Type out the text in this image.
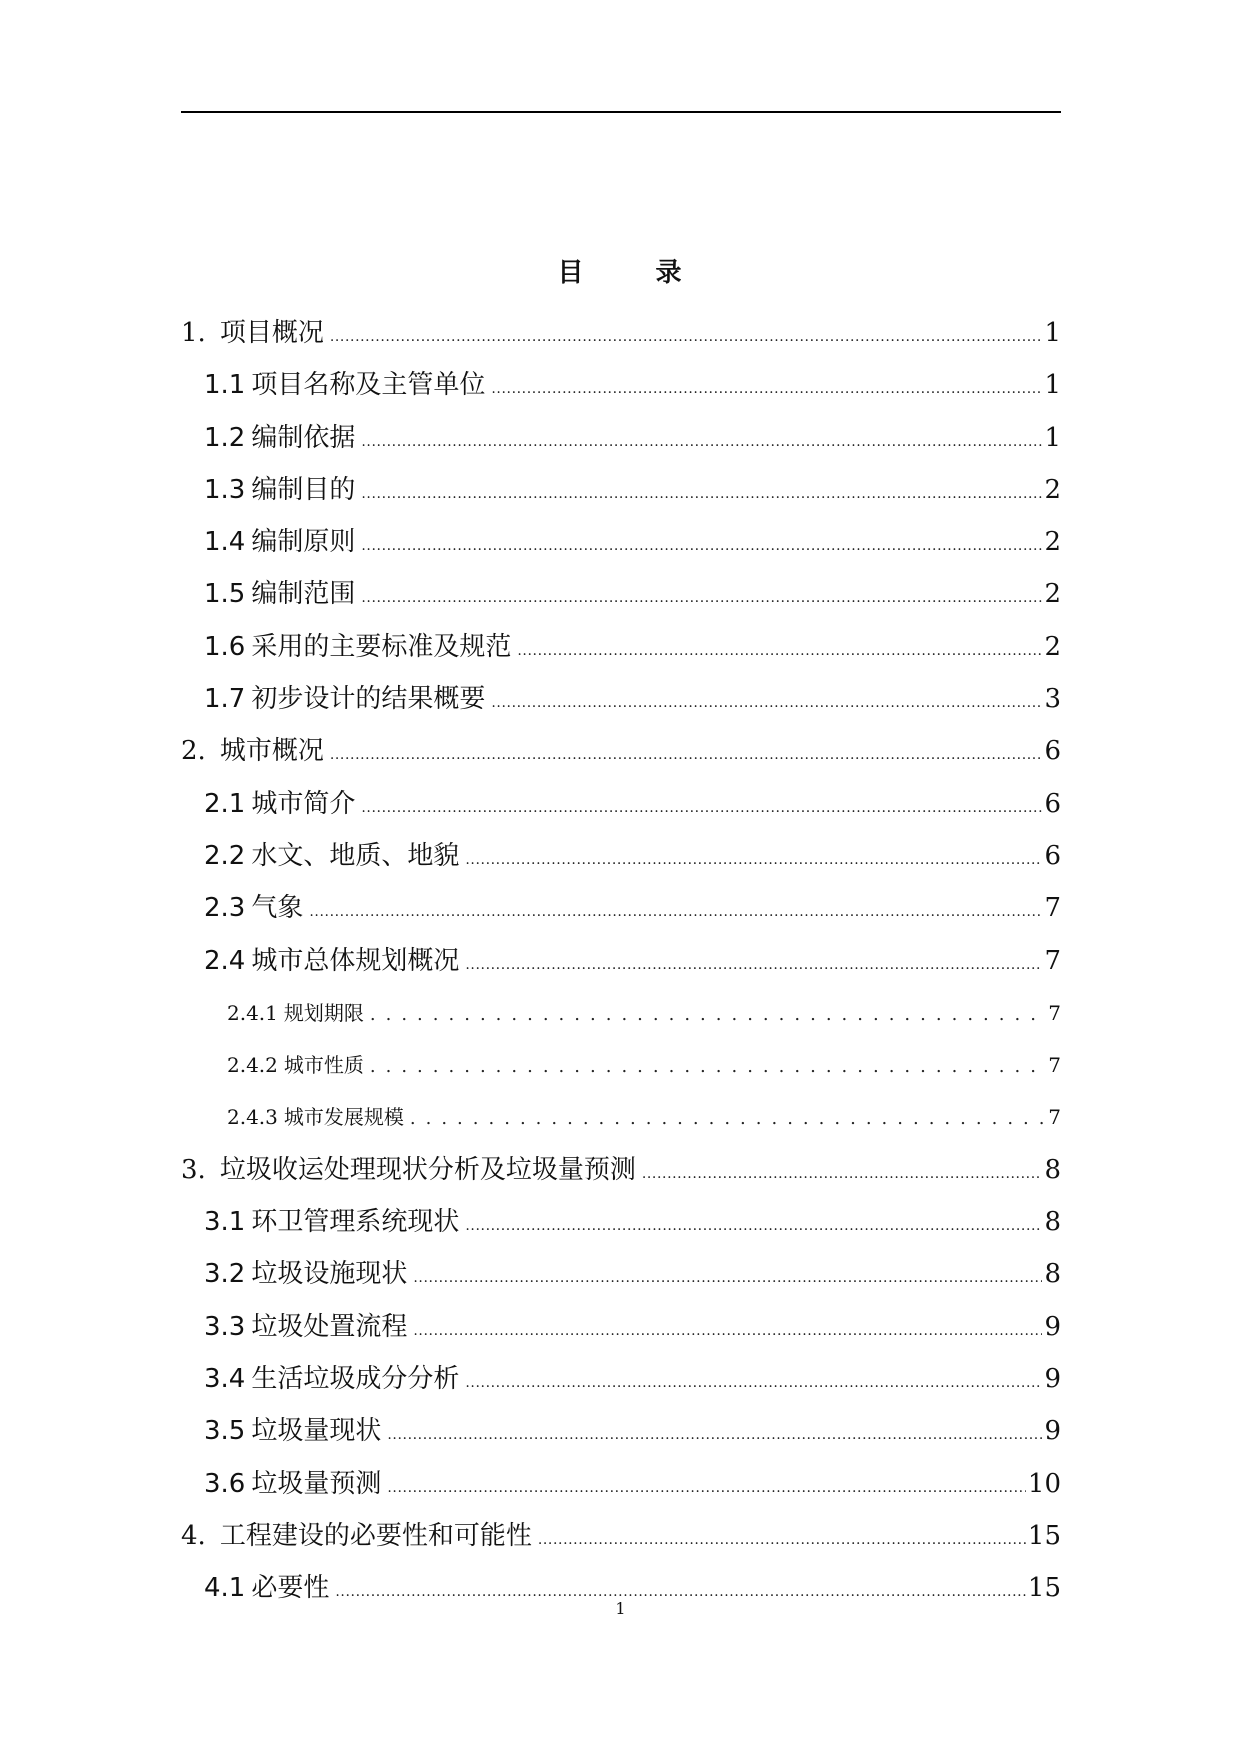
目	录
1. 项目概况 .....	1
1.1 项目名称及主管单位 .....	1
1.2 编制依据 .....	1
1.3 编制目的 .....	2
1.4 编制原则 .....	2
1.5 编制范围 .....	2
1.6 采用的主要标准及规范 .....	2
1.7 初步设计的结果概要 .....	3
2. 城市概况 .....	6
2.1 城市简介 .....	6
2.2 水文、地质、地貌 .....	6
2.3 气象 .....	7
2.4 城市总体规划概况 .....	7
2.4.1 规划期限 .....	7
2.4.2 城市性质 .....	7
2.4.3 城市发展规模 .....	7
3. 垃圾收运处理现状分析及垃圾量预测 .....	8
3.1 环卫管理系统现状 .....	8
3.2 垃圾设施现状 .....	8
3.3 垃圾处置流程 .....	9
3.4 生活垃圾成分分析 .....	9
3.5 垃圾量现状 .....	9
3.6 垃圾量预测 .....	10
4. 工程建设的必要性和可能性 .....	15
4.1 必要性 .....	15
1
